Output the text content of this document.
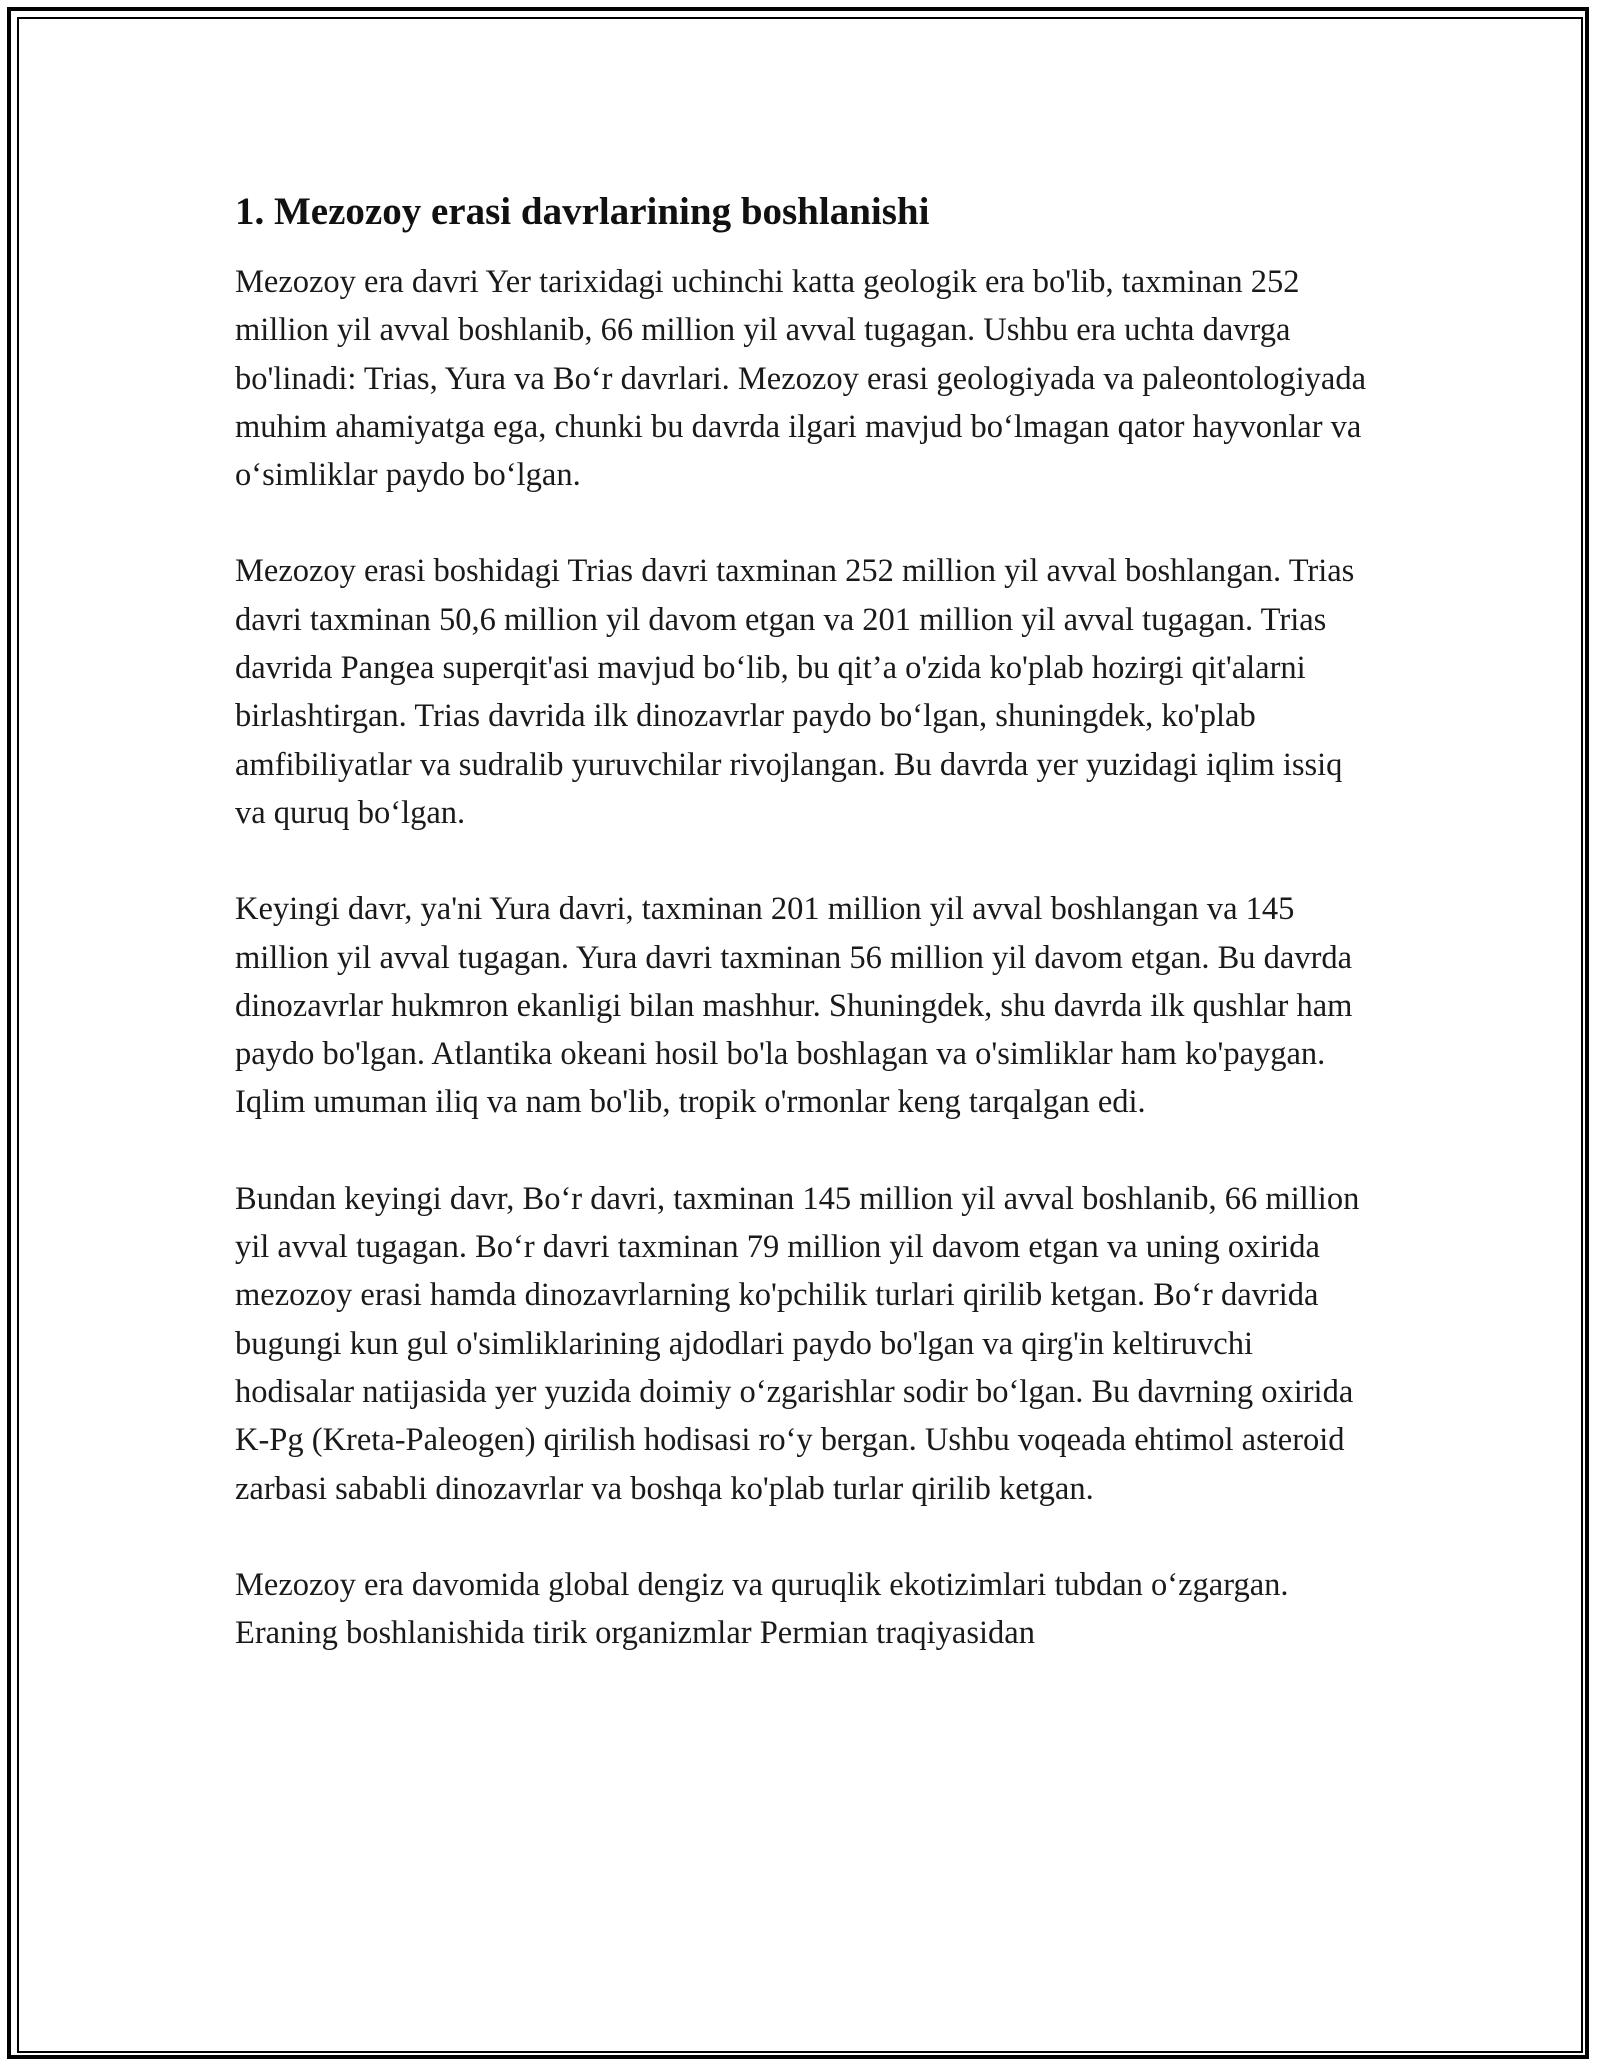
1. Mezozoy erasi davrlarining boshlanishi

Mezozoy era davri Yer tarixidagi uchinchi katta geologik era bo'lib, taxminan 252 million yil avval boshlanib, 66 million yil avval tugagan. Ushbu era uchta davrga bo'linadi: Trias, Yura va Bo‘r davrlari. Mezozoy erasi geologiyada va paleontologiyada muhim ahamiyatga ega, chunki bu davrda ilgari mavjud bo‘lmagan qator hayvonlar va o‘simliklar paydo bo‘lgan.

Mezozoy erasi boshidagi Trias davri taxminan 252 million yil avval boshlangan. Trias davri taxminan 50,6 million yil davom etgan va 201 million yil avval tugagan. Trias davrida Pangea superqit'asi mavjud bo‘lib, bu qit’a o'zida ko'plab hozirgi qit'alarni birlashtirgan. Trias davrida ilk dinozavrlar paydo bo‘lgan, shuningdek, ko'plab amfibiliyatlar va sudralib yuruvchilar rivojlangan. Bu davrda yer yuzidagi iqlim issiq va quruq bo‘lgan.

Keyingi davr, ya'ni Yura davri, taxminan 201 million yil avval boshlangan va 145 million yil avval tugagan. Yura davri taxminan 56 million yil davom etgan. Bu davrda dinozavrlar hukmron ekanligi bilan mashhur. Shuningdek, shu davrda ilk qushlar ham paydo bo'lgan. Atlantika okeani hosil bo'la boshlagan va o'simliklar ham ko'paygan. Iqlim umuman iliq va nam bo'lib, tropik o'rmonlar keng tarqalgan edi.

Bundan keyingi davr, Bo‘r davri, taxminan 145 million yil avval boshlanib, 66 million yil avval tugagan. Bo‘r davri taxminan 79 million yil davom etgan va uning oxirida mezozoy erasi hamda dinozavrlarning ko'pchilik turlari qirilib ketgan. Bo‘r davrida bugungi kun gul o'simliklarining ajdodlari paydo bo'lgan va qirg'in keltiruvchi hodisalar natijasida yer yuzida doimiy o‘zgarishlar sodir bo‘lgan. Bu davrning oxirida K-Pg (Kreta-Paleogen) qirilish hodisasi ro‘y bergan. Ushbu voqeada ehtimol asteroid zarbasi sababli dinozavrlar va boshqa ko'plab turlar qirilib ketgan.

Mezozoy era davomida global dengiz va quruqlik ekotizimlari tubdan o‘zgargan. Eraning boshlanishida tirik organizmlar Permian traqiyasidan
